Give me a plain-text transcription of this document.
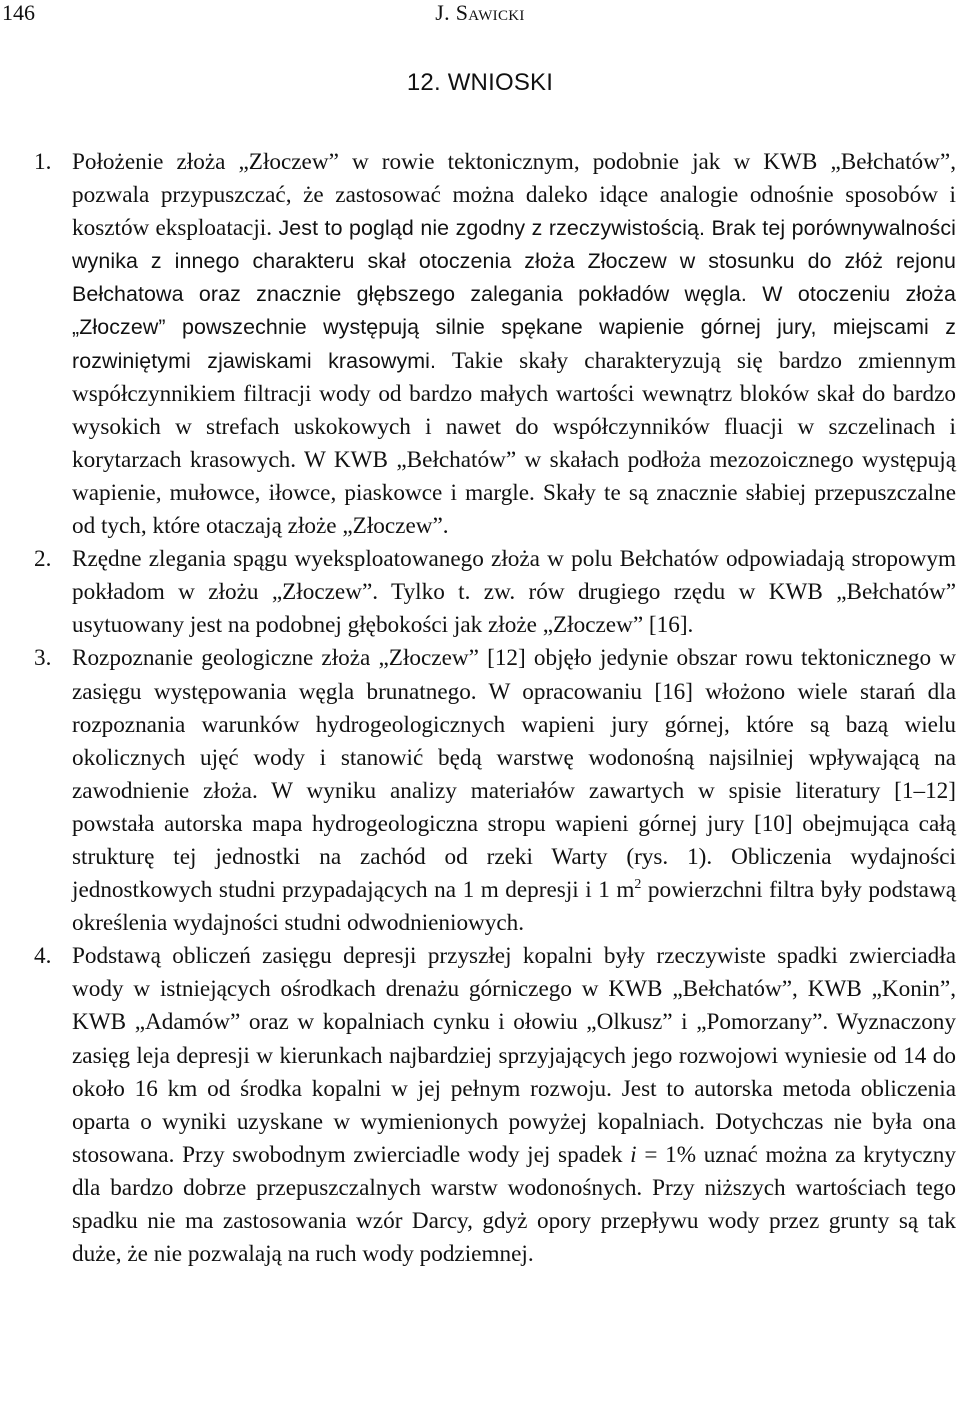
146	J. Sawicki
12. WNIOSKI
1. Położenie złoża „Złoczew” w rowie tektonicznym, podobnie jak w KWB „Bełchatów”, pozwala przypuszczać, że zastosować można daleko idące analogie odnośnie sposobów i kosztów eksploatacji. Jest to pogląd nie zgodny z rzeczywistością. Brak tej porównywalności wynika z innego charakteru skał otoczenia złoża Złoczew w stosunku do złóż rejonu Bełchatowa oraz znacznie głębszego zalegania pokładów węgla. W otoczeniu złoża „Złoczew” powszechnie występują silnie spękane wapienie górnej jury, miejscami z rozwiniętymi zjawiskami krasowymi. Takie skały charakteryzują się bardzo zmiennym współczynnikiem filtracji wody od bardzo małych wartości wewnątrz bloków skał do bardzo wysokich w strefach uskokowych i nawet do współczynników fluacji w szczelinach i korytarzach krasowych. W KWB „Bełchatów” w skałach podłoża mezozoicznego występują wapienie, mułowce, iłowce, piaskowce i margle. Skały te są znacznie słabiej przepuszczalne od tych, które otaczają złoże „Złoczew”.
2. Rzędne zlegania spągu wyeksploatowanego złoża w polu Bełchatów odpowiadają stropowym pokładom w złożu „Złoczew”. Tylko t. zw. rów drugiego rzędu w KWB „Bełchatów” usytuowany jest na podobnej głębokości jak złoże „Złoczew” [16].
3. Rozpoznanie geologiczne złoża „Złoczew” [12] objęło jedynie obszar rowu tektonicznego w zasięgu występowania węgla brunatnego. W opracowaniu [16] włożono wiele starań dla rozpoznania warunków hydrogeologicznych wapieni jury górnej, które są bazą wielu okolicznych ujęć wody i stanowić będą warstwę wodonośną najsilniej wpływającą na zawodnienie złoża. W wyniku analizy materiałów zawartych w spisie literatury [1–12] powstała autorska mapa hydrogeologiczna stropu wapieni górnej jury [10] obejmująca całą strukturę tej jednostki na zachód od rzeki Warty (rys. 1). Obliczenia wydajności jednostkowych studni przypadających na 1 m depresji i 1 $m^2$ powierzchni filtra były podstawą określenia wydajności studni odwodnieniowych.
4. Podstawą obliczeń zasięgu depresji przyszłej kopalni były rzeczywiste spadki zwierciadła wody w istniejących ośrodkach drenażu górniczego w KWB „Bełchatów”, KWB „Konin”, KWB „Adamów” oraz w kopalniach cynku i ołowiu „Olkusz” i „Pomorzany”. Wyznaczony zasięg leja depresji w kierunkach najbardziej sprzyjających jego rozwojowi wyniesie od 14 do około 16 km od środka kopalni w jej pełnym rozwoju. Jest to autorska metoda obliczenia oparta o wyniki uzyskane w wymienionych powyżej kopalniach. Dotychczas nie była ona stosowana. Przy swobodnym zwierciadle wody jej spadek i = 1% uznać można za krytyczny dla bardzo dobrze przepuszczalnych warstw wodonośnych. Przy niższych wartościach tego spadku nie ma zastosowania wzór Darcy, gdyż opory przepływu wody przez grunty są tak duże, że nie pozwalają na ruch wody podziemnej.
